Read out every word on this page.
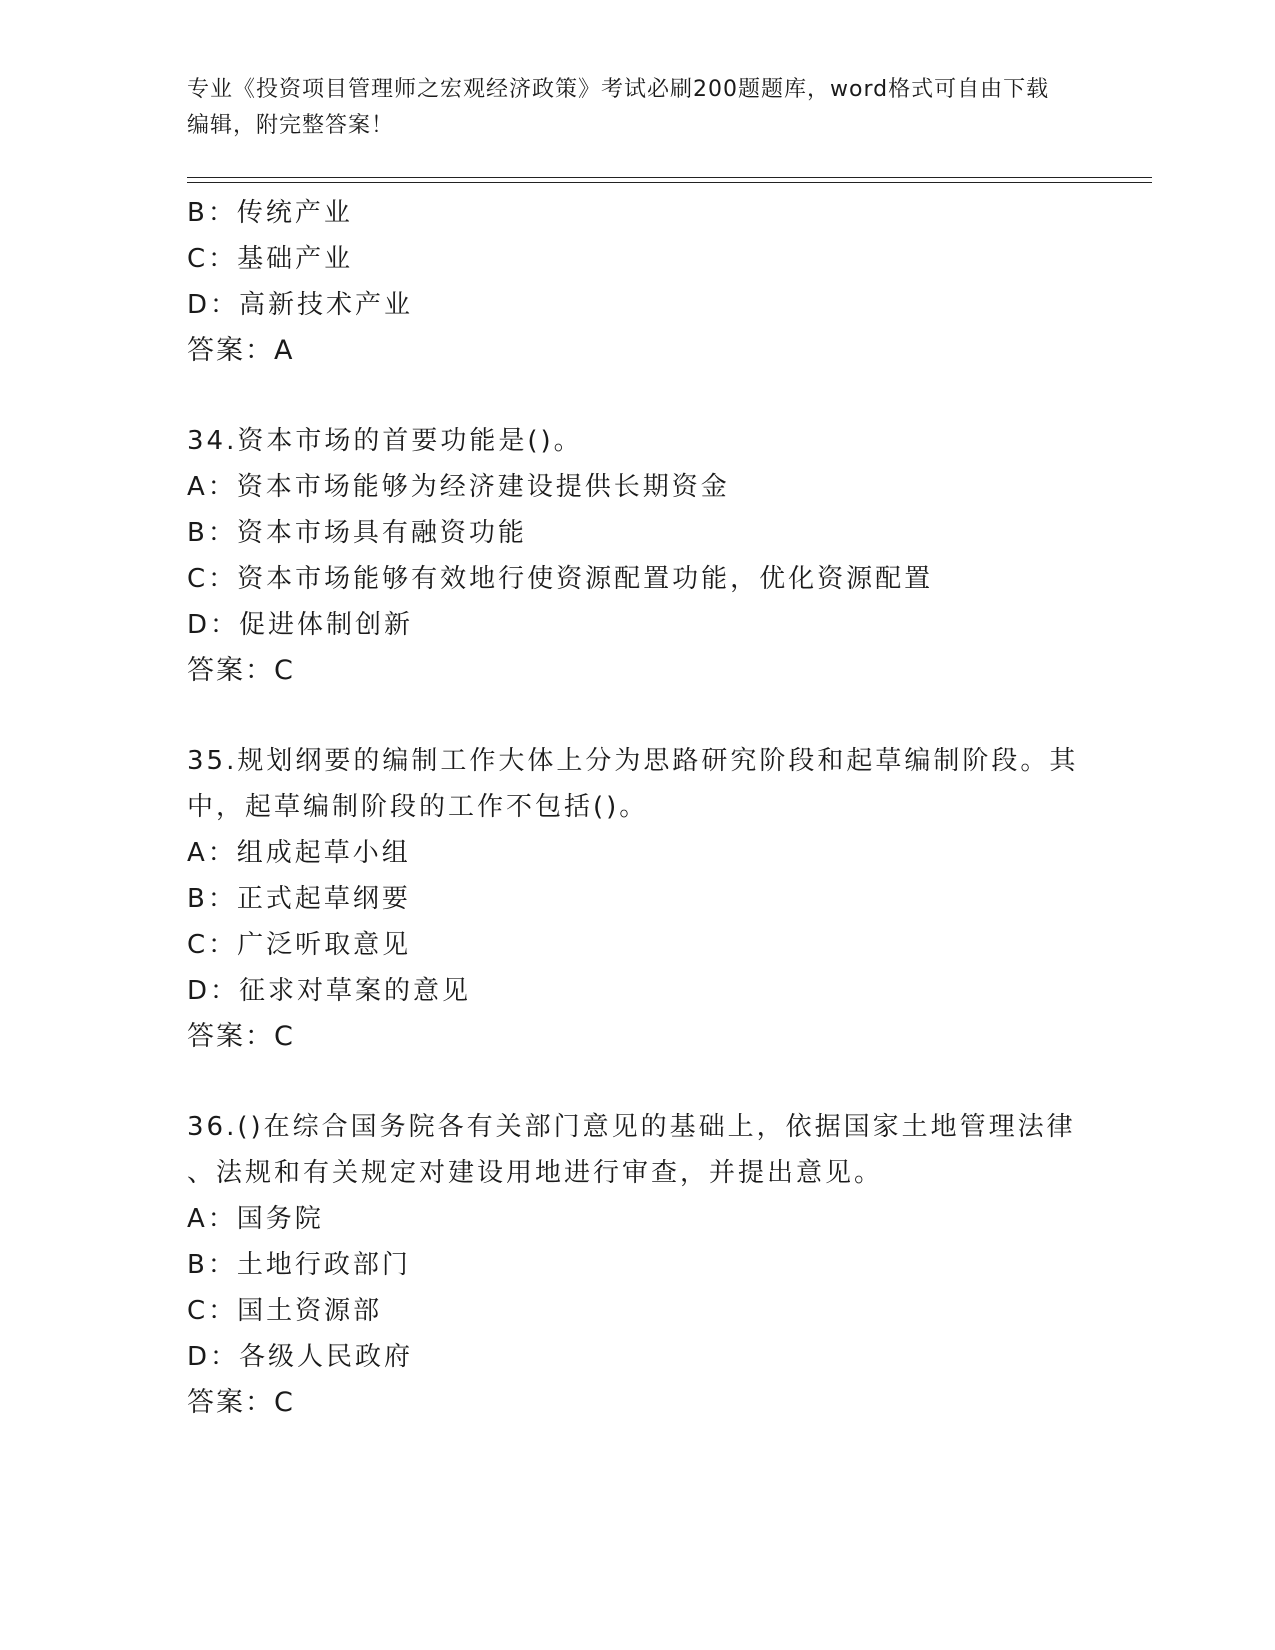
专业《投资项目管理师之宏观经济政策》考试必刷200题题库，word格式可自由下载编辑，附完整答案！
B：传统产业
C：基础产业
D：高新技术产业
答案：A
34.资本市场的首要功能是()。
A：资本市场能够为经济建设提供长期资金
B：资本市场具有融资功能
C：资本市场能够有效地行使资源配置功能，优化资源配置
D：促进体制创新
答案：C
35.规划纲要的编制工作大体上分为思路研究阶段和起草编制阶段。其
中，起草编制阶段的工作不包括()。
A：组成起草小组
B：正式起草纲要
C：广泛听取意见
D：征求对草案的意见
答案：C
36.()在综合国务院各有关部门意见的基础上，依据国家土地管理法律
、法规和有关规定对建设用地进行审查，并提出意见。
A：国务院
B：土地行政部门
C：国土资源部
D：各级人民政府
答案：C
